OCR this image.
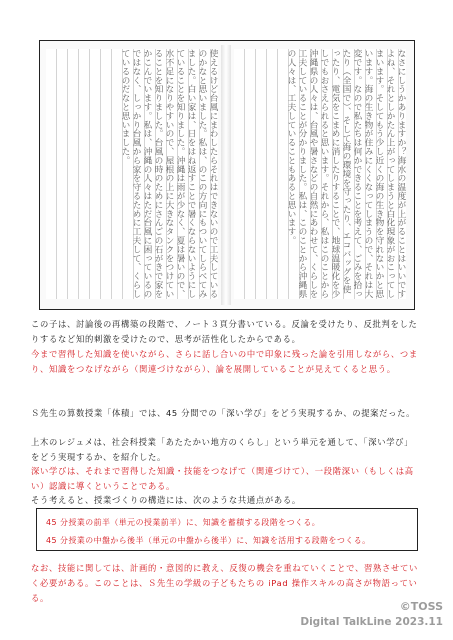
使えるけど台風にまわしたらそれはできないので工夫しているのかなと思いました。私は、のこの方向にもついてしらべてみました。白い家は、日をはね返すことで暑くならないようにしていることを知りました。沖縄は雨が少なく、夏は暑いので、水不足になりやすいので、屋根の上に大きなタンクをつけていることを知りました。台風の時のためにさんごの石がきで家をかこんでいます。私は、沖縄の人々はただ台風に困っているのではなく、しっかり台風から家を守るために工夫して、くらしているのだなと思いました。	なさにしうかありますか？海水の温度が上がることはいいですよね、それとしかたん上がってしまうと白化現象がおこってしまいます。そしてもう少し近くの海の生き物を守れないかと思います。海の生き物が住みにくくなってしまうので、それは大変です。なので私たちは何かできることを考えて、ごみを拾ったり（全国で）、そして海の環境を守ったり、エコバッグを使ったり、電気をこまめに消したりすることで、地球温暖化を少しでもおさえられると思います。それから、私はこのことから沖縄県の人々は、台風や暑さなどの自然にあわせて、くらしを工夫していることが分かりました。私は、このことから沖縄県の人々は、工夫していることもあると思います。

この子は、討論後の再構築の段階で、ノート３頁分書いている。反論を受けたり、反批判をしたりするなど知的刺激を受けたので、思考が活性化したからである。

今まで習得した知識を使いながら、さらに話し合いの中で印象に残った論を引用しながら、つまり、知識をつなげながら（関連づけながら）、論を展開していることが見えてくると思う。

Ｓ先生の算数授業「体積」では、45 分間での「深い学び」をどう実現するか、の提案だった。

上木のレジュメは、社会科授業「あたたかい地方のくらし」という単元を通して、「深い学び」をどう実現するか、を紹介した。

深い学びは、それまで習得した知識・技能をつなげて（関連づけて）、一段階深い（もしくは高い）認識に導くということである。

そう考えると、授業づくりの構造には、次のような共通点がある。

45 分授業の前半（単元の授業前半）に、知識を蓄積する段階をつくる。

45 分授業の中盤から後半（単元の中盤から後半）に、知識を活用する段階をつくる。

なお、技能に関しては、計画的・意図的に教え、反復の機会を重ねていくことで、習熟させていく必要がある。このことは、Ｓ先生の学級の子どもたちの iPad 操作スキルの高さが物語っている。

©TOSS
Digital TalkLine 2023.11
